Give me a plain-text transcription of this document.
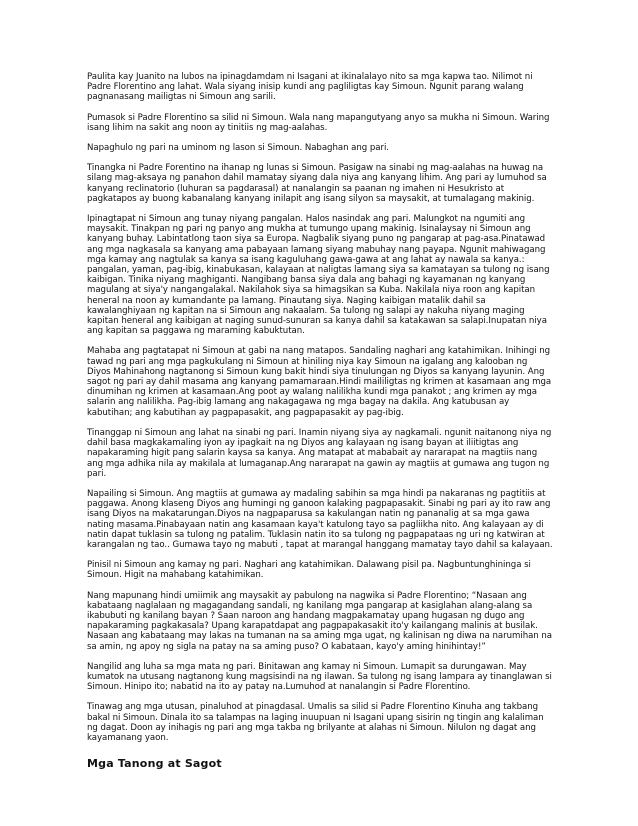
Paulita kay Juanito na lubos na ipinagdamdam ni Isagani at ikinalalayo nito sa mga kapwa tao. Nilimot ni Padre Florentino ang lahat. Wala siyang inisip kundi ang pagliligtas kay Simoun. Ngunit parang walang pagnanasang mailigtas ni Simoun ang sarili.

Pumasok si Padre Florentino sa silid ni Simoun. Wala nang mapangutyang anyo sa mukha ni Simoun. Waring isang lihim na sakit ang noon ay tinitiis ng mag-aalahas.

Napaghulo ng pari na uminom ng lason si Simoun. Nabaghan ang pari.

Tinangka ni Padre Forentino na ihanap ng lunas si Simoun. Pasigaw na sinabi ng mag-aalahas na huwag na silang mag-aksaya ng panahon dahil mamatay siyang dala niya ang kanyang lihim. Ang pari ay lumuhod sa kanyang reclinatorio (luhuran sa pagdarasal) at nanalangin sa paanan ng imahen ni Hesukristo at pagkatapos ay buong kabanalang kanyang inilapit ang isang silyon sa maysakit, at tumalagang makinig.

Ipinagtapat ni Simoun ang tunay niyang pangalan. Halos nasindak ang pari. Malungkot na ngumiti ang maysakit. Tinakpan ng pari ng panyo ang mukha at tumungo upang makinig. Isinalaysay ni Simoun ang kanyang buhay. Labintatlong taon siya sa Europa. Nagbalik siyang puno ng pangarap at pag-asa.Pinatawad ang mga nagkasala sa kanyang ama pabayaan lamang siyang mabuhay nang payapa. Ngunit mahiwagang mga kamay ang nagtulak sa kanya sa isang kaguluhang gawa-gawa at ang lahat ay nawala sa kanya.: pangalan, yaman, pag-ibig, kinabukasan, kalayaan at naligtas lamang siya sa kamatayan sa tulong ng isang kaibigan. Tinika niyang maghiganti. Nangibang bansa siya dala ang bahagi ng kayamanan ng kanyang magulang at siya'y nangangalakal. Nakilahok siya sa himagsikan sa Kuba. Nakilala niya roon ang kapitan heneral na noon ay kumandante pa lamang. Pinautang siya. Naging kaibigan matalik dahil sa kawalanghiyaan ng kapitan na si Simoun ang nakaalam. Sa tulong ng salapi ay nakuha niyang maging kapitan heneral ang kaibigan at naging sunud-sunuran sa kanya dahil sa katakawan sa salapi.Inupatan niya ang kapitan sa paggawa ng maraming kabuktutan.

Mahaba ang pagtatapat ni Simoun at gabi na nang matapos. Sandaling naghari ang katahimikan. Inihingi ng tawad ng pari ang mga pagkukulang ni Simoun at hiniling niya kay Simoun na igalang ang kalooban ng Diyos Mahinahong nagtanong si Simoun kung bakit hindi siya tinulungan ng Diyos sa kanyang layunin. Ang sagot ng pari ay dahil masama ang kanyang pamamaraan.Hindi maililigtas ng krimen at kasamaan ang mga dinumihan ng krimen at kasamaan.Ang poot ay walang nalilikha kundi mga panakot ; ang krimen ay mga salarin ang nalilikha. Pag-ibig lamang ang nakagagawa ng mga bagay na dakila. Ang katubusan ay kabutihan; ang kabutihan ay pagpapasakit, ang pagpapasakit ay pag-ibig.

Tinanggap ni Simoun ang lahat na sinabi ng pari. Inamin niyang siya ay nagkamali. ngunit naitanong niya ng dahil basa magkakamaling iyon ay ipagkait na ng Diyos ang kalayaan ng isang bayan at iliitigtas ang napakaraming higit pang salarin kaysa sa kanya. Ang matapat at mababait ay nararapat na magtiis nang ang mga adhika nila ay makilala at lumaganap.Ang nararapat na gawin ay magtiis at gumawa ang tugon ng pari.

Napailing si Simoun. Ang magtiis at gumawa ay madaling sabihin sa mga hindi pa nakaranas ng pagtitiis at paggawa. Anong klaseng Diyos ang humingi ng ganoon kalaking pagpapasakit. Sinabi ng pari ay ito raw ang isang Diyos na makatarungan.Diyos na nagpaparusa sa kakulangan natin ng pananalig at sa mga gawa nating masama.Pinabayaan natin ang kasamaan kaya't katulong tayo sa pagliikha nito. Ang kalayaan ay di natin dapat tuklasin sa tulong ng patalim. Tuklasin natin ito sa tulong ng pagpapataas ng uri ng katwiran at karangalan ng tao.. Gumawa tayo ng mabuti , tapat at marangal hanggang mamatay tayo dahil sa kalayaan.

Pinisil ni Simoun ang kamay ng pari. Naghari ang katahimikan. Dalawang pisil pa. Nagbuntunghininga si Simoun. Higit na mahabang katahimikan.

Nang mapunang hindi umiimik ang maysakit ay pabulong na nagwika si Padre Florentino; “Nasaan ang kabataang naglalaan ng magagandang sandali, ng kanilang mga pangarap at kasiglahan alang-alang sa ikabubuti ng kanilang bayan ? Saan naroon ang handang magpakamatay upang hugasan ng dugo ang napakaraming pagkakasala? Upang karapatdapat ang pagpapakasakit ito'y kailangang malinis at busilak. Nasaan ang kabataang may lakas na tumanan na sa aming mga ugat, ng kalinisan ng diwa na narumihan na sa amin, ng apoy ng sigla na patay na sa aming puso? O kabataan, kayo'y aming hinihintay!”

Nangilid ang luha sa mga mata ng pari. Binitawan ang kamay ni Simoun. Lumapit sa durungawan. May kumatok na utusang nagtanong kung magsisindi na ng ilawan. Sa tulong ng isang lampara ay tinanglawan si Simoun. Hinipo ito; nabatid na ito ay patay na.Lumuhod at nanalangin si Padre Florentino.

Tinawag ang mga utusan, pinaluhod at pinagdasal. Umalis sa silid si Padre Florentino Kinuha ang takbang bakal ni Simoun. Dinala ito sa talampas na laging inuupuan ni Isagani upang sisirin ng tingin ang kalaliman ng dagat. Doon ay inihagis ng pari ang mga takba ng brilyante at alahas ni Simoun. Nilulon ng dagat ang kayamanang yaon.

Mga Tanong at Sagot
